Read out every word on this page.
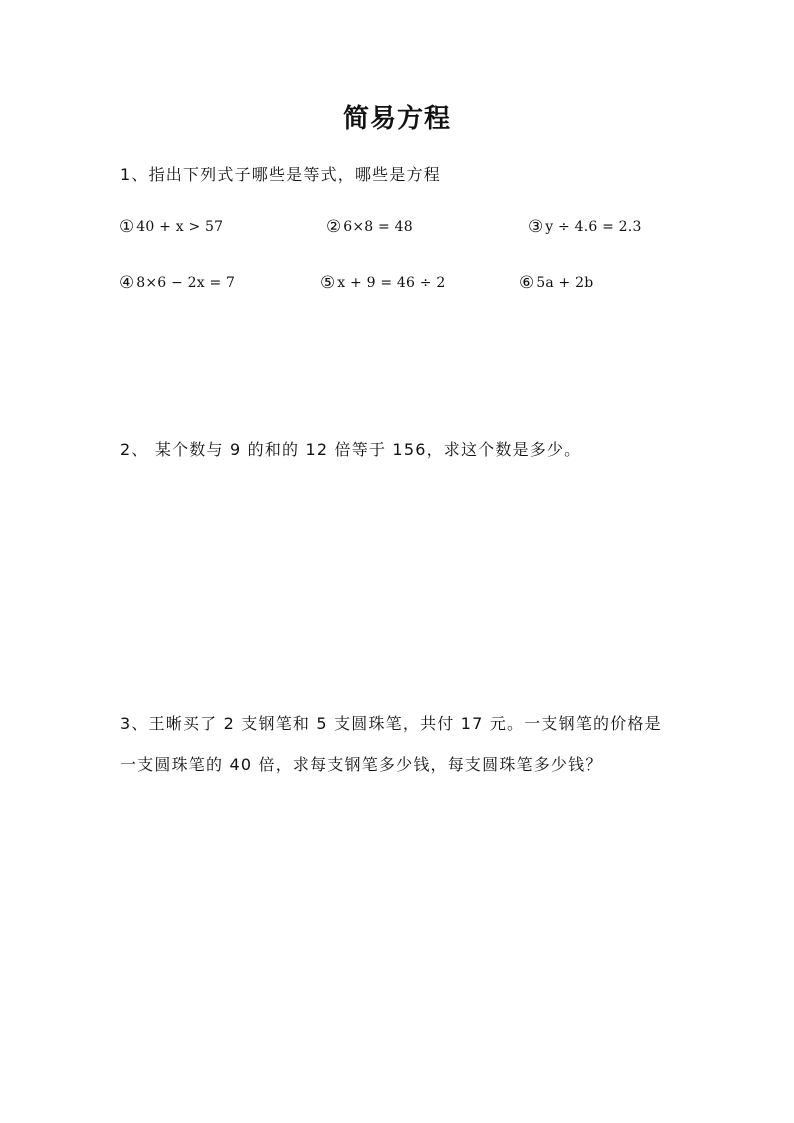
简易方程
1、指出下列式子哪些是等式，哪些是方程
① 40 + x > 57	② 6×8 = 48	③ y ÷ 4.6 = 2.3
④ 8×6 − 2x = 7	⑤ x + 9 = 46 ÷ 2	⑥ 5a + 2b
2、 某个数与 9 的和的 12 倍等于 156，求这个数是多少。
3、王晰买了 2 支钢笔和 5 支圆珠笔，共付 17 元。一支钢笔的价格是
一支圆珠笔的 40 倍，求每支钢笔多少钱，每支圆珠笔多少钱？
